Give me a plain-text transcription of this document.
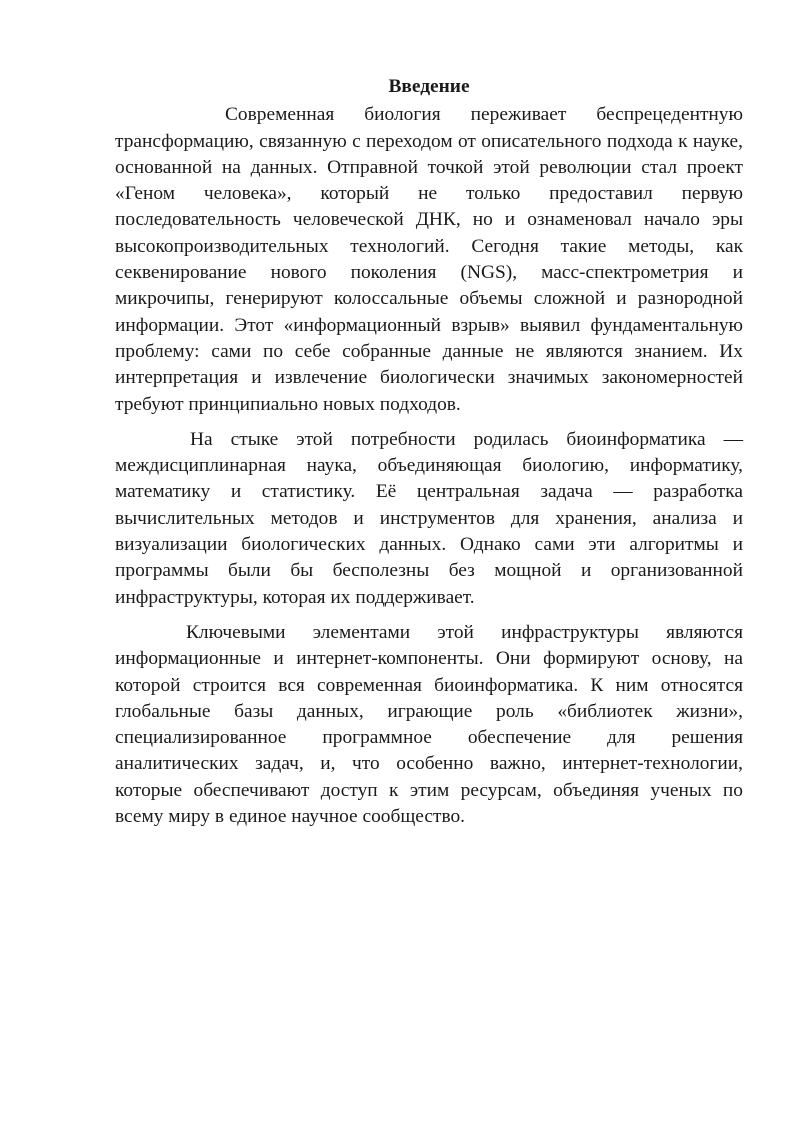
Введение

Современная биология переживает беспрецедентную трансформацию, связанную с переходом от описательного подхода к науке, основанной на данных. Отправной точкой этой революции стал проект «Геном человека», который не только предоставил первую последовательность человеческой ДНК, но и ознаменовал начало эры высокопроизводительных технологий. Сегодня такие методы, как секвенирование нового поколения (NGS), масс-спектрометрия и микрочипы, генерируют колоссальные объемы сложной и разнородной информации. Этот «информационный взрыв» выявил фундаментальную проблему: сами по себе собранные данные не являются знанием. Их интерпретация и извлечение биологически значимых закономерностей требуют принципиально новых подходов.

На стыке этой потребности родилась биоинформатика — междисциплинарная наука, объединяющая биологию, информатику, математику и статистику. Её центральная задача — разработка вычислительных методов и инструментов для хранения, анализа и визуализации биологических данных. Однако сами эти алгоритмы и программы были бы бесполезны без мощной и организованной инфраструктуры, которая их поддерживает.

Ключевыми элементами этой инфраструктуры являются информационные и интернет-компоненты. Они формируют основу, на которой строится вся современная биоинформатика. К ним относятся глобальные базы данных, играющие роль «библиотек жизни», специализированное программное обеспечение для решения аналитических задач, и, что особенно важно, интернет-технологии, которые обеспечивают доступ к этим ресурсам, объединяя ученых по всему миру в единое научное сообщество.
